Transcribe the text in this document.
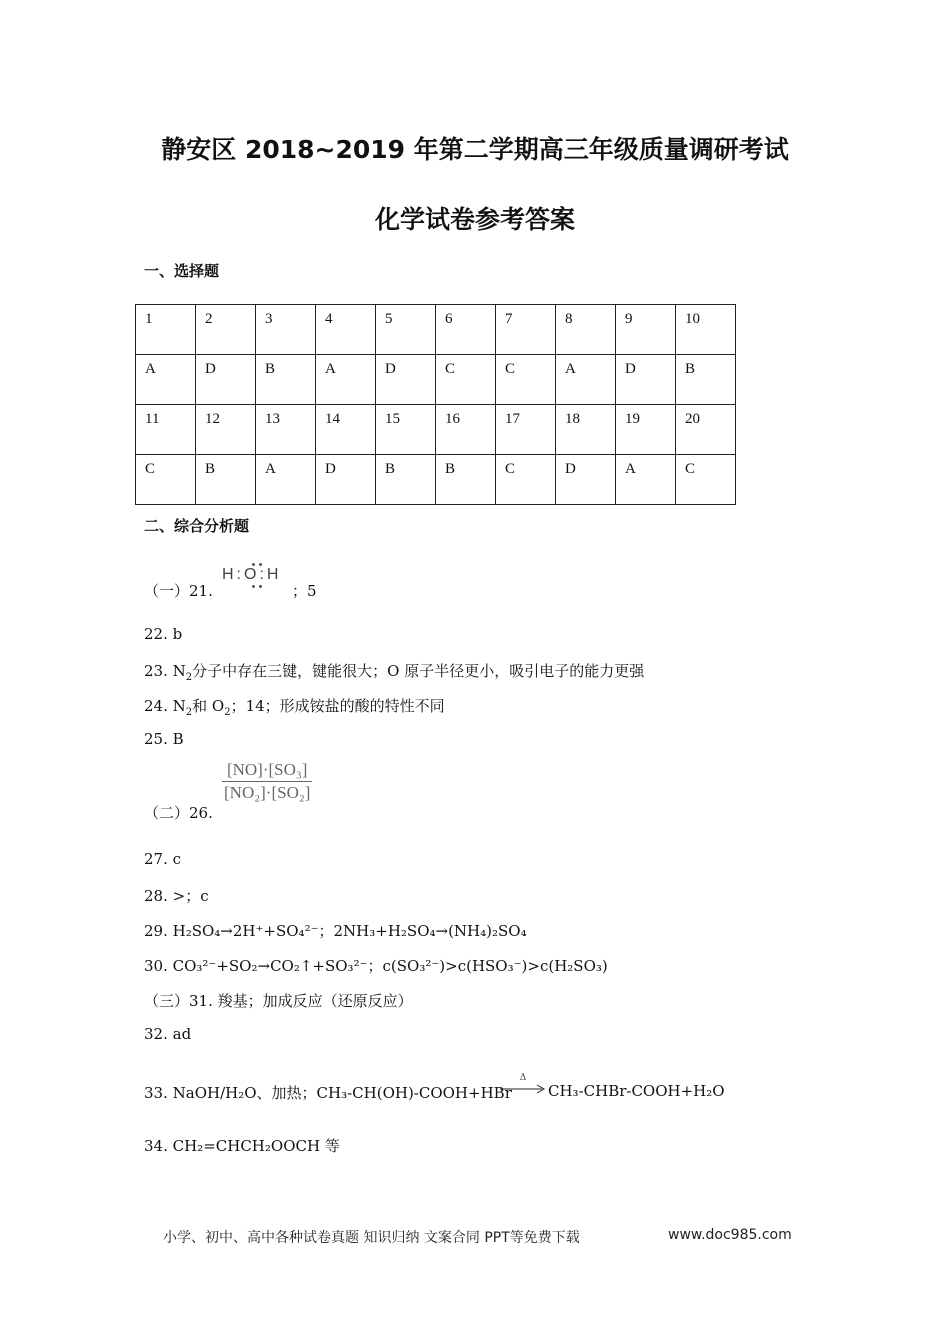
静安区 2018~2019 年第二学期高三年级质量调研考试
化学试卷参考答案
一、选择题
1	2	3	4	5	6	7	8	9	10
A	D	B	A	D	C	C	A	D	B
11	12	13	14	15	16	17	18	19	20
C	B	A	D	B	B	C	D	A	C
二、综合分析题
（一）21.
H:O:H
；5
22. b
23. $N_2$分子中存在三键，键能很大；O 原子半径更小，吸引电子的能力更强
24. $N_2$和 $O_2$；14；形成铵盐的酸的特性不同
25. B
（二）26.
[NO]·[SO₃]
[NO₂]·[SO₂]
27. c
28. >；c
29. H₂SO₄→2H⁺+SO₄²⁻；2NH₃+H₂SO₄→(NH₄)₂SO₄
30. CO₃²⁻+SO₂→CO₂↑+SO₃²⁻；c(SO₃²⁻)>c(HSO₃⁻)>c(H₂SO₃)
（三）31. 羧基；加成反应（还原反应）
32. ad
33. NaOH/H₂O、加热；CH₃-CH(OH)-COOH+HBr
Δ
→ CH₃-CHBr-COOH+H₂O
34. CH₂=CHCH₂OOCH 等
小学、初中、高中各种试卷真题 知识归纳 文案合同 PPT等免费下载	www.doc985.com
